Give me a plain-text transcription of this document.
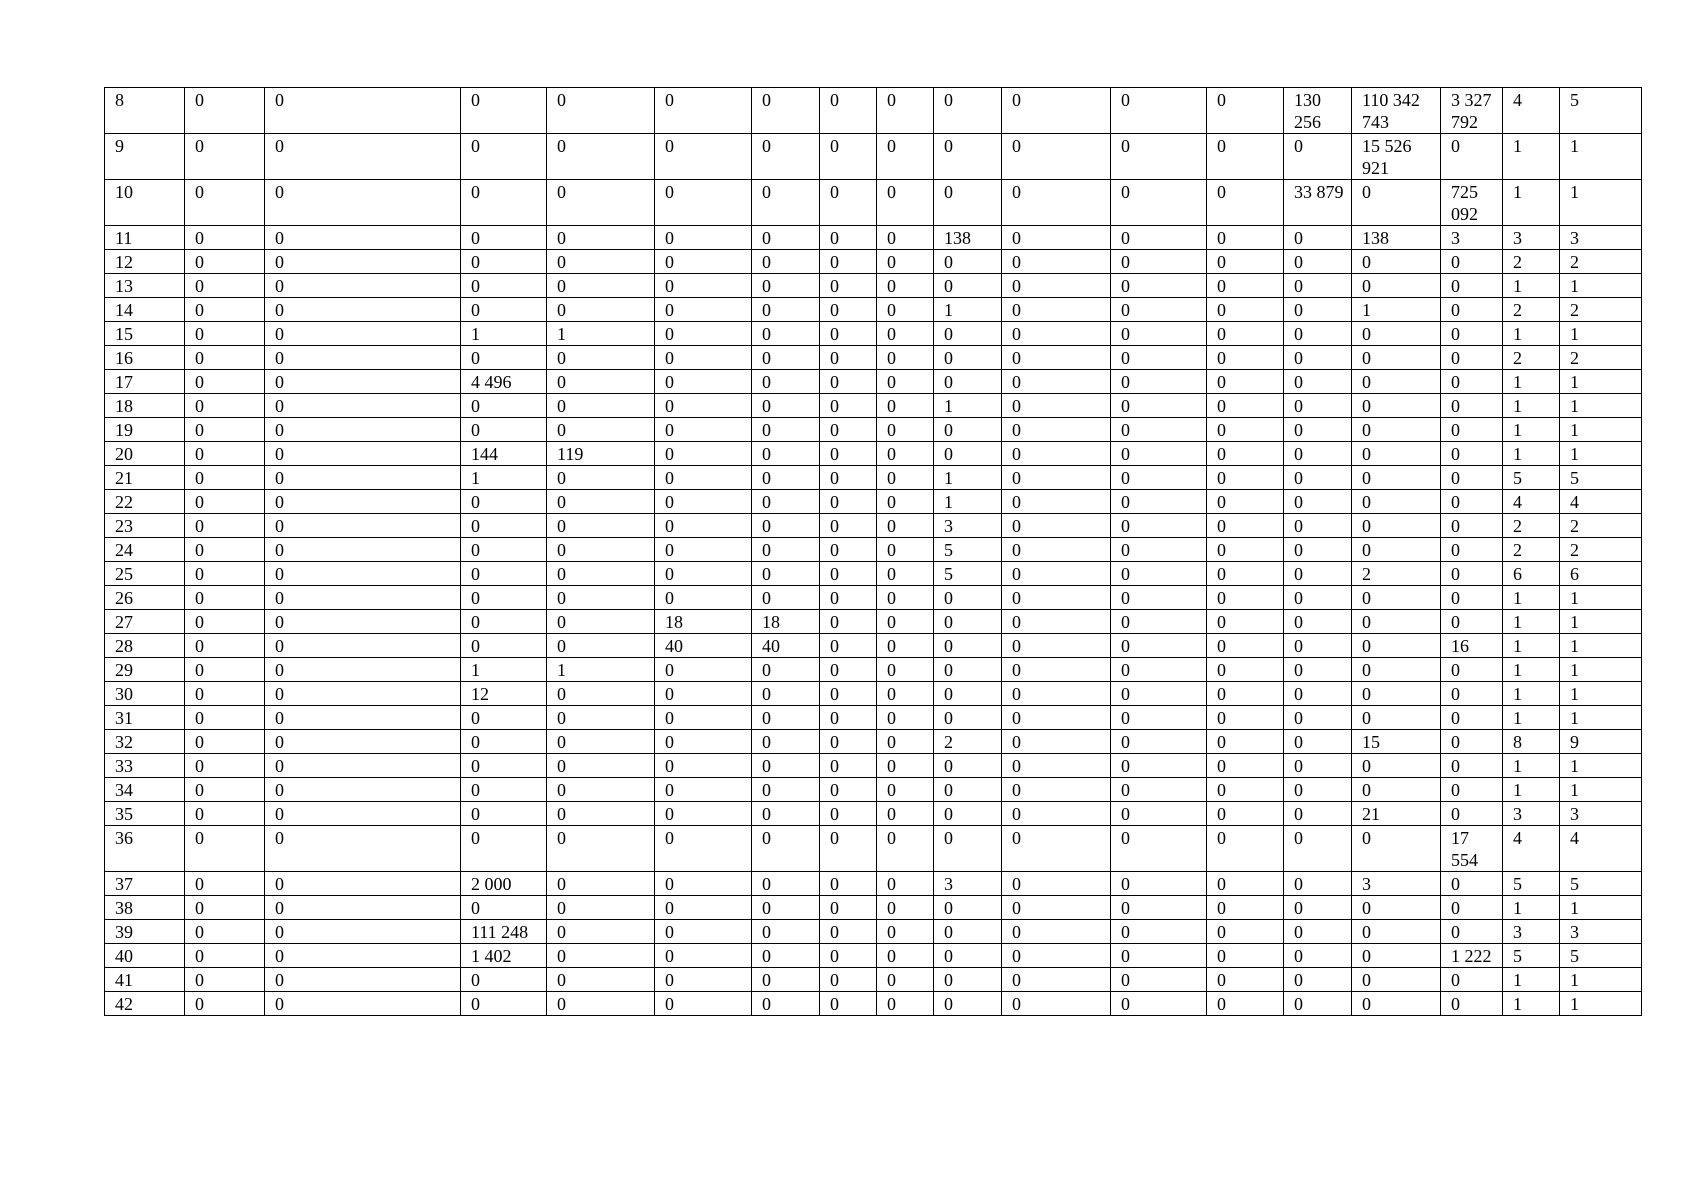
8	0	0	0	0	0	0	0	0	0	0	0	0	130 256	110 342 743	3 327 792	4	5
9	0	0	0	0	0	0	0	0	0	0	0	0	0	15 526 921	0	1	1
10	0	0	0	0	0	0	0	0	0	0	0	0	33 879	0	725 092	1	1
11	0	0	0	0	0	0	0	0	138	0	0	0	0	138	3	3	3
12	0	0	0	0	0	0	0	0	0	0	0	0	0	0	0	2	2
13	0	0	0	0	0	0	0	0	0	0	0	0	0	0	0	1	1
14	0	0	0	0	0	0	0	0	1	0	0	0	0	1	0	2	2
15	0	0	1	1	0	0	0	0	0	0	0	0	0	0	0	1	1
16	0	0	0	0	0	0	0	0	0	0	0	0	0	0	0	2	2
17	0	0	4 496	0	0	0	0	0	0	0	0	0	0	0	0	1	1
18	0	0	0	0	0	0	0	0	1	0	0	0	0	0	0	1	1
19	0	0	0	0	0	0	0	0	0	0	0	0	0	0	0	1	1
20	0	0	144	119	0	0	0	0	0	0	0	0	0	0	0	1	1
21	0	0	1	0	0	0	0	0	1	0	0	0	0	0	0	5	5
22	0	0	0	0	0	0	0	0	1	0	0	0	0	0	0	4	4
23	0	0	0	0	0	0	0	0	3	0	0	0	0	0	0	2	2
24	0	0	0	0	0	0	0	0	5	0	0	0	0	0	0	2	2
25	0	0	0	0	0	0	0	0	5	0	0	0	0	2	0	6	6
26	0	0	0	0	0	0	0	0	0	0	0	0	0	0	0	1	1
27	0	0	0	0	18	18	0	0	0	0	0	0	0	0	0	1	1
28	0	0	0	0	40	40	0	0	0	0	0	0	0	0	16	1	1
29	0	0	1	1	0	0	0	0	0	0	0	0	0	0	0	1	1
30	0	0	12	0	0	0	0	0	0	0	0	0	0	0	0	1	1
31	0	0	0	0	0	0	0	0	0	0	0	0	0	0	0	1	1
32	0	0	0	0	0	0	0	0	2	0	0	0	0	15	0	8	9
33	0	0	0	0	0	0	0	0	0	0	0	0	0	0	0	1	1
34	0	0	0	0	0	0	0	0	0	0	0	0	0	0	0	1	1
35	0	0	0	0	0	0	0	0	0	0	0	0	0	21	0	3	3
36	0	0	0	0	0	0	0	0	0	0	0	0	0	0	17 554	4	4
37	0	0	2 000	0	0	0	0	0	3	0	0	0	0	3	0	5	5
38	0	0	0	0	0	0	0	0	0	0	0	0	0	0	0	1	1
39	0	0	111 248	0	0	0	0	0	0	0	0	0	0	0	0	3	3
40	0	0	1 402	0	0	0	0	0	0	0	0	0	0	0	1 222	5	5
41	0	0	0	0	0	0	0	0	0	0	0	0	0	0	0	1	1
42	0	0	0	0	0	0	0	0	0	0	0	0	0	0	0	1	1
